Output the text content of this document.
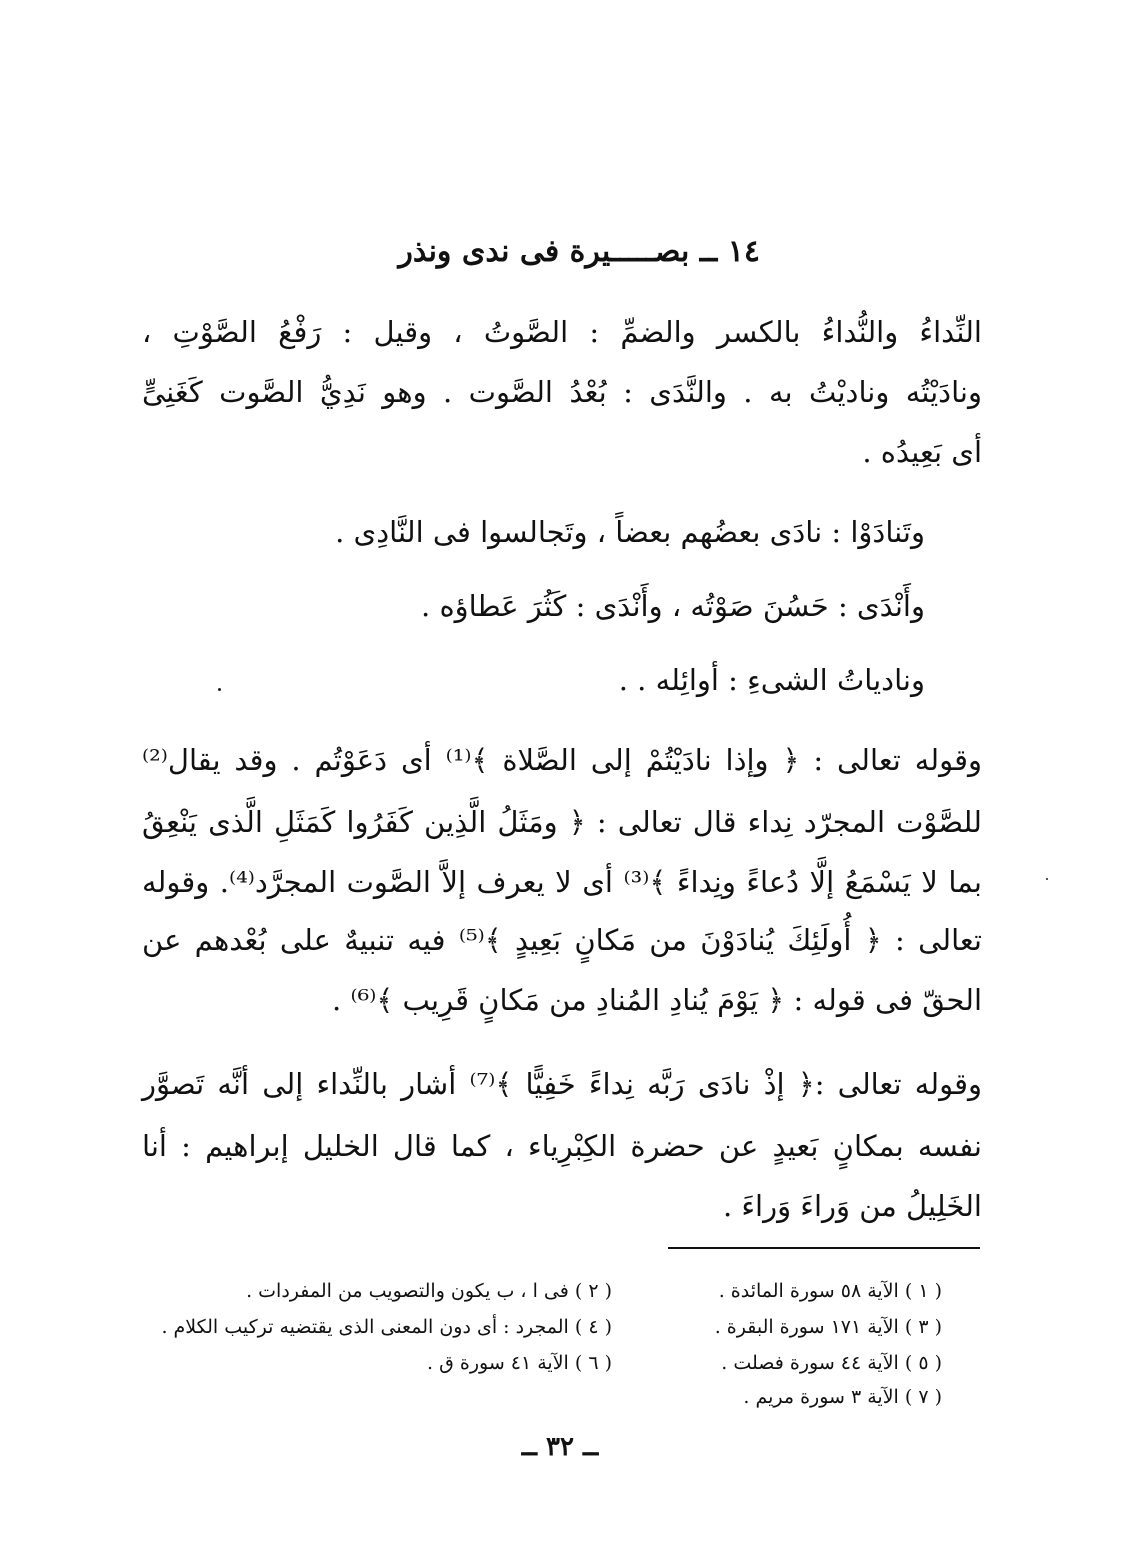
١٤ ــ بصـــــيرة فى ندى ونذر
النِّداءُ والنُّداءُ بالكسر والضمِّ : الصَّوتُ ، وقيل : رَفْعُ الصَّوْتِ ،
ونادَيْتُه وناديْتُ به . والنَّدَى : بُعْدُ الصَّوت . وهو نَدِيُّ الصَّوت كَغَنِىٍّ
أى بَعِيدُه .
وتَنادَوْا : نادَى بعضُهم بعضاً ، وتَجالسوا فى النَّادِى .
وأَنْدَى : حَسُنَ صَوْتُه ، وأَنْدَى : كَثُرَ عَطاؤه .
ونادياتُ الشىءِ : أوائِله . .
وقوله تعالى : ﴿ وإذا نادَيْتُمْ إلى الصَّلاة ﴾⁽¹⁾ أى دَعَوْتُم . وقد يقال⁽²⁾
للصَّوْت المجرّد نِداء قال تعالى : ﴿ ومَثَلُ الَّذِين كَفَرُوا كَمَثَلِ الَّذى يَنْعِقُ
بما لا يَسْمَعُ إلَّا دُعاءً ونِداءً ﴾⁽³⁾ أى لا يعرف إلاَّ الصَّوت المجرَّد⁽⁴⁾. وقوله
تعالى : ﴿ أُولَئِكَ يُنادَوْنَ من مَكانٍ بَعِيدٍ ﴾⁽⁵⁾ فيه تنبيهٌ على بُعْدهم عن
الحقّ فى قوله : ﴿ يَوْمَ يُنادِ المُنادِ من مَكانٍ قَرِيب ﴾⁽⁶⁾ .
وقوله تعالى :﴿ إذْ نادَى رَبَّه نِداءً خَفِيًّا ﴾⁽⁷⁾ أشار بالنِّداء إلى أنَّه تَصوَّر
نفسه بمكانٍ بَعيدٍ عن حضرة الكِبْرِياء ، كما قال الخليل إبراهيم : أنا
الخَلِيلُ من وَراءَ وَراءَ .
( ١ ) الآية ٥٨ سورة المائدة .
( ٣ ) الآية ١٧١ سورة البقرة .
( ٥ ) الآية ٤٤ سورة فصلت .
( ٧ ) الآية ٣ سورة مريم .
( ٢ ) فى ا ، ب يكون والتصويب من المفردات .
( ٤ ) المجرد : أى دون المعنى الذى يقتضيه تركيب الكلام .
( ٦ ) الآية ٤١ سورة ق .
ــ ٣٢ ــ
